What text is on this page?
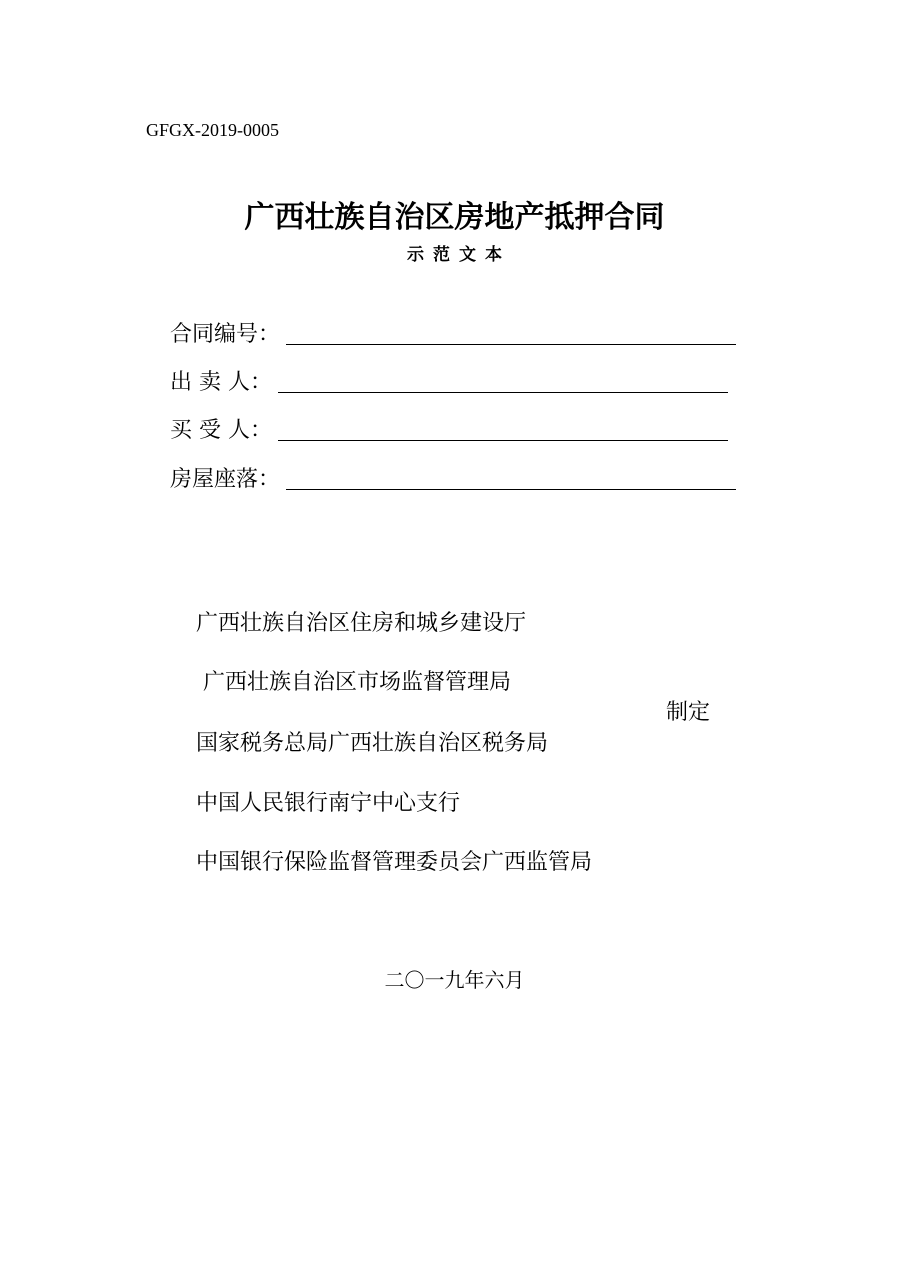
GFGX-2019-0005
广西壮族自治区房地产抵押合同
示范文本
合同编号：
出 卖 人：
买 受 人：
房屋座落：
广西壮族自治区住房和城乡建设厅
广西壮族自治区市场监督管理局
制定
国家税务总局广西壮族自治区税务局
中国人民银行南宁中心支行
中国银行保险监督管理委员会广西监管局
二〇一九年六月
